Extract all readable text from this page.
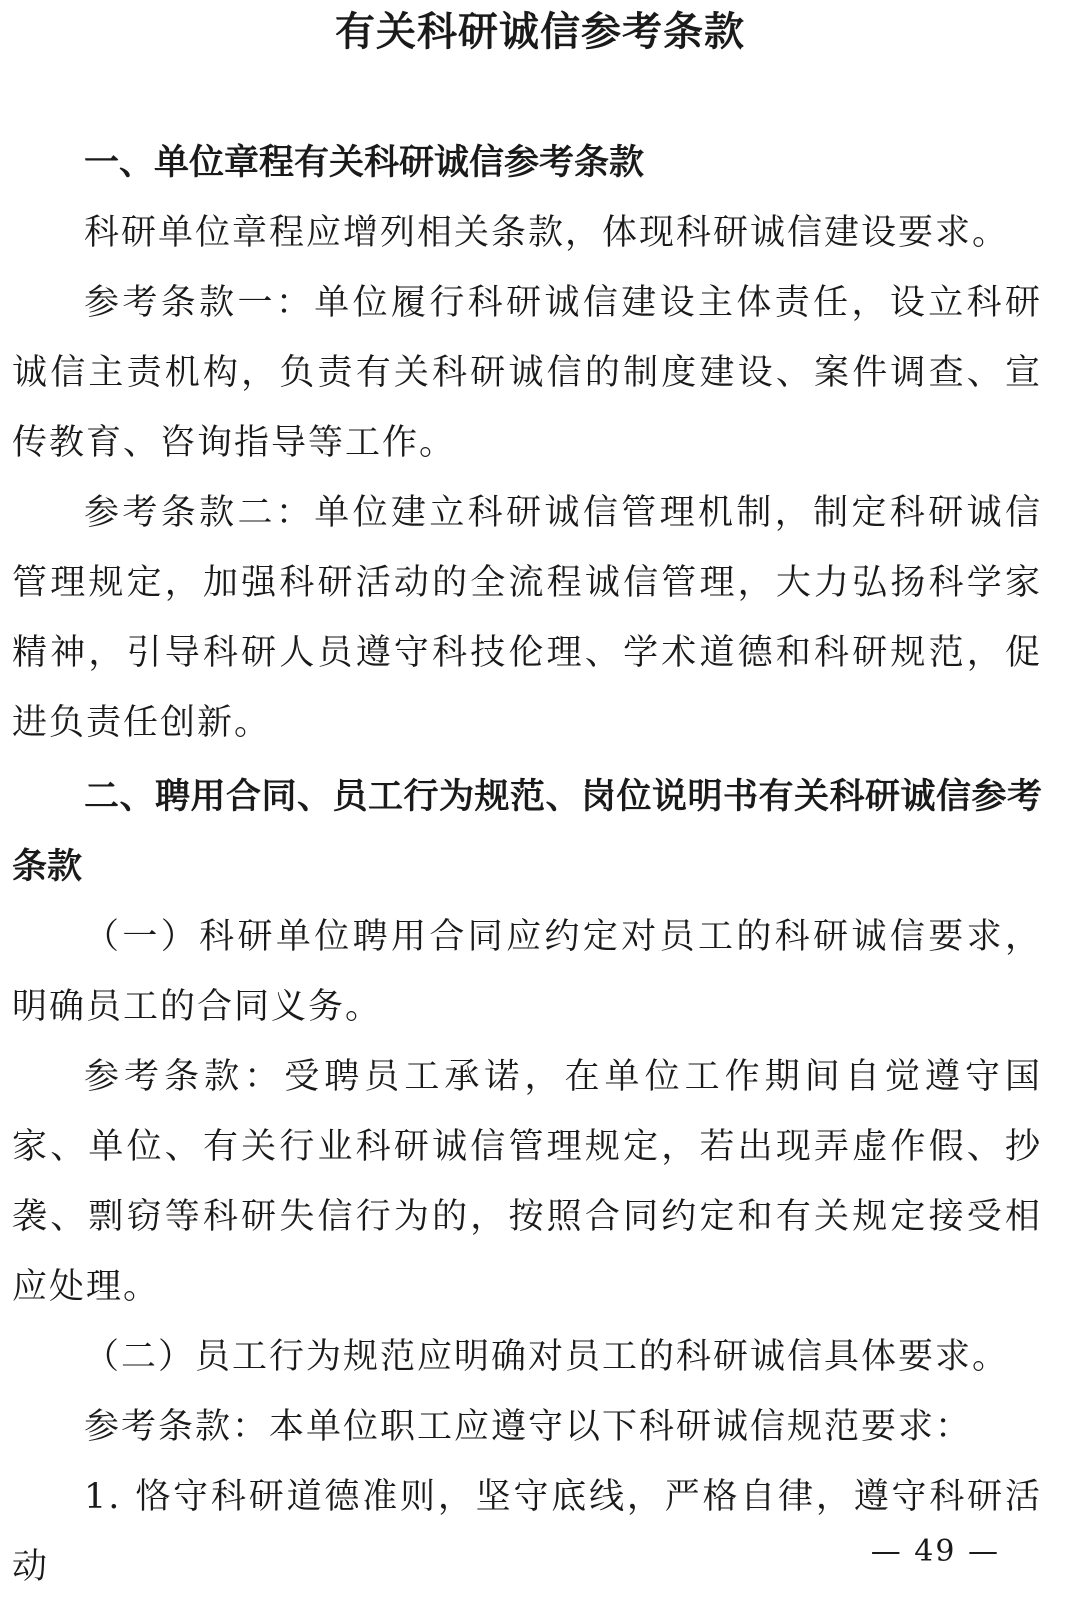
有关科研诚信参考条款

一、单位章程有关科研诚信参考条款

科研单位章程应增列相关条款，体现科研诚信建设要求。

参考条款一：单位履行科研诚信建设主体责任，设立科研诚信主责机构，负责有关科研诚信的制度建设、案件调查、宣传教育、咨询指导等工作。

参考条款二：单位建立科研诚信管理机制，制定科研诚信管理规定，加强科研活动的全流程诚信管理，大力弘扬科学家精神，引导科研人员遵守科技伦理、学术道德和科研规范，促进负责任创新。

二、聘用合同、员工行为规范、岗位说明书有关科研诚信参考条款

（一）科研单位聘用合同应约定对员工的科研诚信要求，明确员工的合同义务。

参考条款：受聘员工承诺，在单位工作期间自觉遵守国家、单位、有关行业科研诚信管理规定，若出现弄虚作假、抄袭、剽窃等科研失信行为的，按照合同约定和有关规定接受相应处理。

（二）员工行为规范应明确对员工的科研诚信具体要求。

参考条款：本单位职工应遵守以下科研诚信规范要求：

1. 恪守科研道德准则，坚守底线，严格自律，遵守科研活动	— 49 —
